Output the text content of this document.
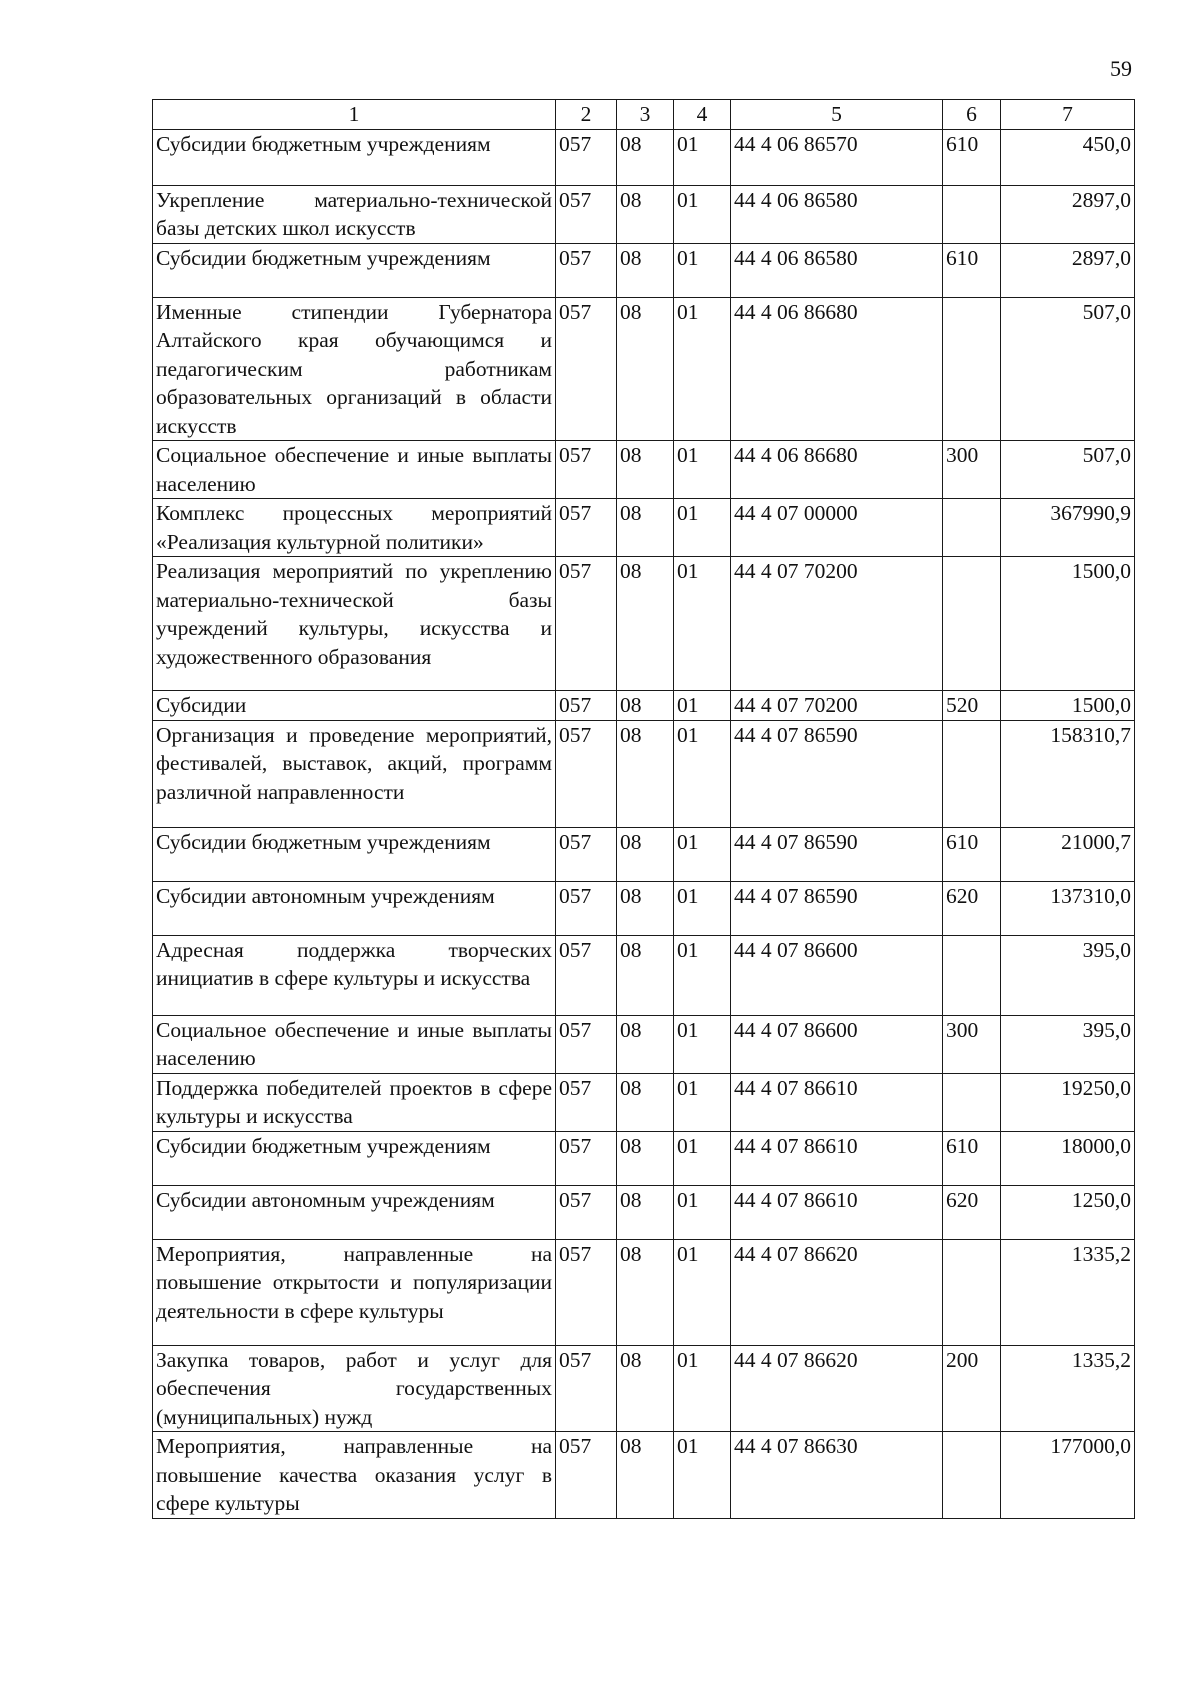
59
1	2	3	4	5	6	7
Субсидии бюджетным учреждениям	057	08	01	44 4 06 86570	610	450,0
Укрепление материально-технической базы детских школ искусств	057	08	01	44 4 06 86580		2897,0
Субсидии бюджетным учреждениям	057	08	01	44 4 06 86580	610	2897,0
Именные стипендии Губернатора Алтайского края обучающимся и педагогическим работникам образовательных организаций в области искусств	057	08	01	44 4 06 86680		507,0
Социальное обеспечение и иные выплаты населению	057	08	01	44 4 06 86680	300	507,0
Комплекс процессных мероприятий «Реализация культурной политики»	057	08	01	44 4 07 00000		367990,9
Реализация мероприятий по укреплению материально-технической базы учреждений культуры, искусства и художественного образования	057	08	01	44 4 07 70200		1500,0
Субсидии	057	08	01	44 4 07 70200	520	1500,0
Организация и проведение мероприятий, фестивалей, выставок, акций, программ различной направленности	057	08	01	44 4 07 86590		158310,7
Субсидии бюджетным учреждениям	057	08	01	44 4 07 86590	610	21000,7
Субсидии автономным учреждениям	057	08	01	44 4 07 86590	620	137310,0
Адресная поддержка творческих инициатив в сфере культуры и искусства	057	08	01	44 4 07 86600		395,0
Социальное обеспечение и иные выплаты населению	057	08	01	44 4 07 86600	300	395,0
Поддержка победителей проектов в сфере культуры и искусства	057	08	01	44 4 07 86610		19250,0
Субсидии бюджетным учреждениям	057	08	01	44 4 07 86610	610	18000,0
Субсидии автономным учреждениям	057	08	01	44 4 07 86610	620	1250,0
Мероприятия, направленные на повышение открытости и популяризации деятельности в сфере культуры	057	08	01	44 4 07 86620		1335,2
Закупка товаров, работ и услуг для обеспечения государственных (муниципальных) нужд	057	08	01	44 4 07 86620	200	1335,2
Мероприятия, направленные на повышение качества оказания услуг в сфере культуры	057	08	01	44 4 07 86630		177000,0
